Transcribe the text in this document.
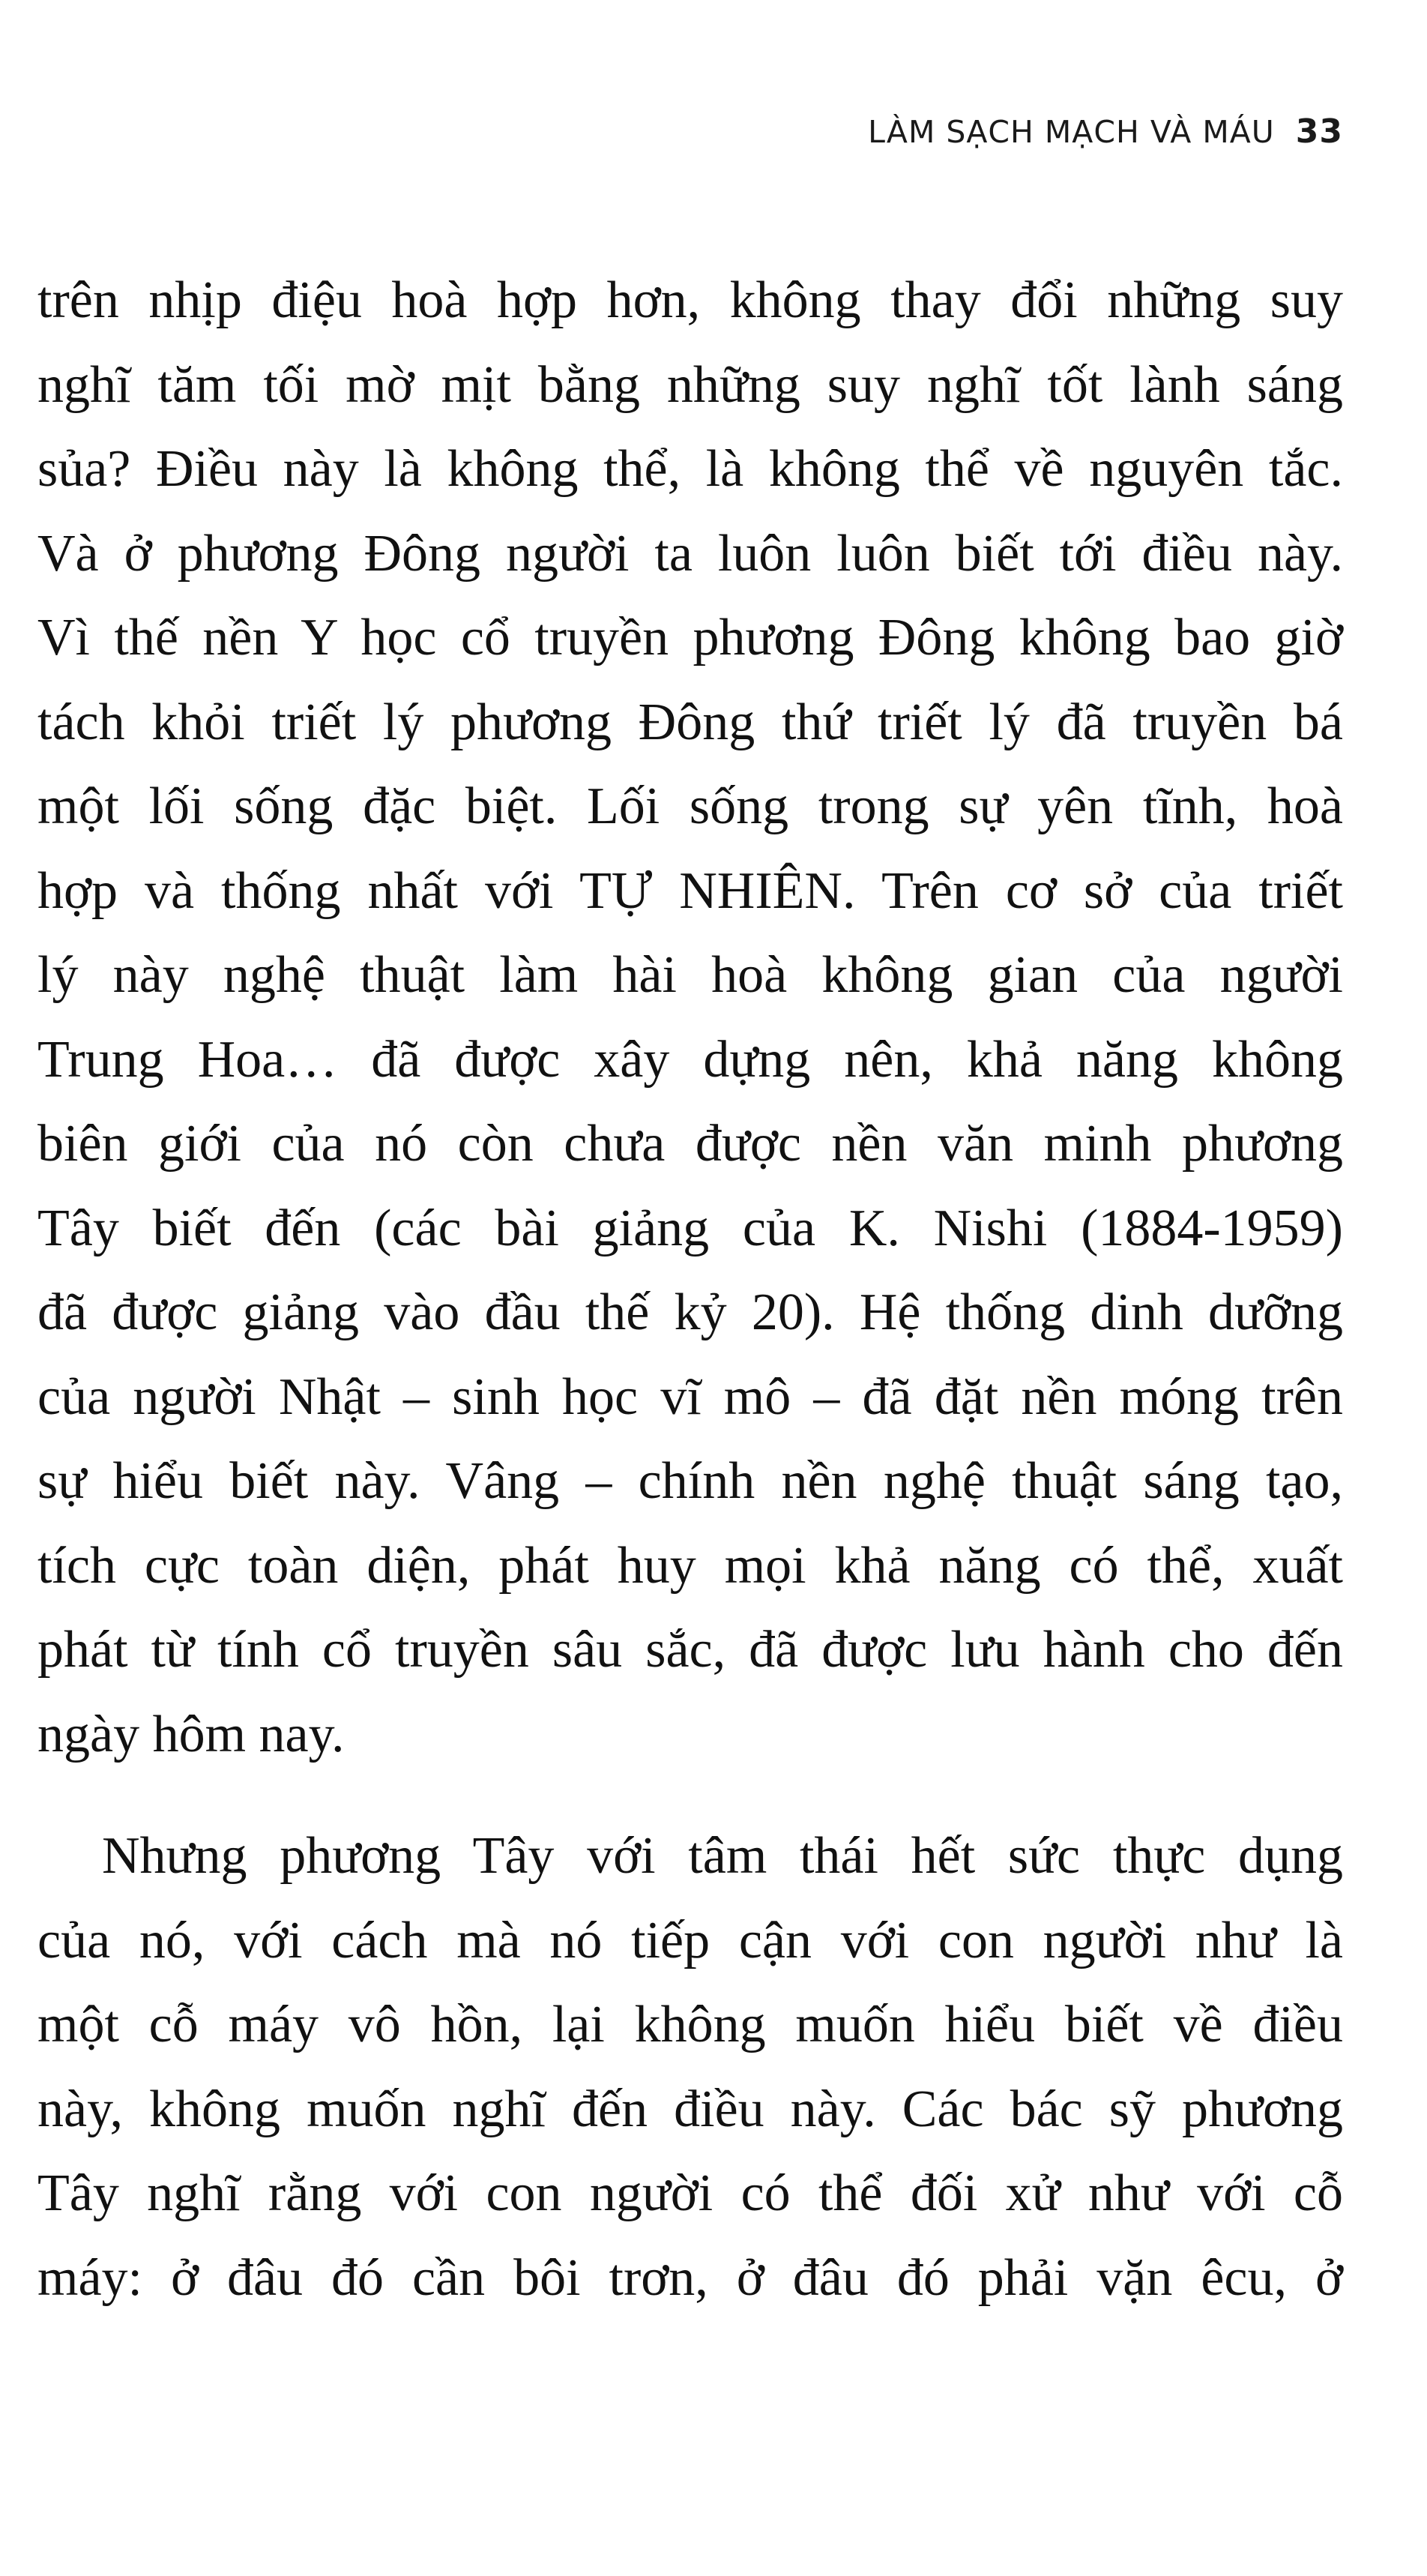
LÀM SẠCH MẠCH VÀ MÁU 33
trên nhịp điệu hoà hợp hơn, không thay đổi những suy
nghĩ tăm tối mờ mịt bằng những suy nghĩ tốt lành sáng
sủa? Điều này là không thể, là không thể về nguyên tắc.
Và ở phương Đông người ta luôn luôn biết tới điều này.
Vì thế nền Y học cổ truyền phương Đông không bao giờ
tách khỏi triết lý phương Đông thứ triết lý đã truyền bá
một lối sống đặc biệt. Lối sống trong sự yên tĩnh, hoà
hợp và thống nhất với TỰ NHIÊN. Trên cơ sở của triết
lý này nghệ thuật làm hài hoà không gian của người
Trung Hoa… đã được xây dựng nên, khả năng không
biên giới của nó còn chưa được nền văn minh phương
Tây biết đến (các bài giảng của K. Nishi (1884-1959)
đã được giảng vào đầu thế kỷ 20). Hệ thống dinh dưỡng
của người Nhật – sinh học vĩ mô – đã đặt nền móng trên
sự hiểu biết này. Vâng – chính nền nghệ thuật sáng tạo,
tích cực toàn diện, phát huy mọi khả năng có thể, xuất
phát từ tính cổ truyền sâu sắc, đã được lưu hành cho đến
ngày hôm nay.
Nhưng phương Tây với tâm thái hết sức thực dụng
của nó, với cách mà nó tiếp cận với con người như là
một cỗ máy vô hồn, lại không muốn hiểu biết về điều
này, không muốn nghĩ đến điều này. Các bác sỹ phương
Tây nghĩ rằng với con người có thể đối xử như với cỗ
máy: ở đâu đó cần bôi trơn, ở đâu đó phải vặn êcu, ở
